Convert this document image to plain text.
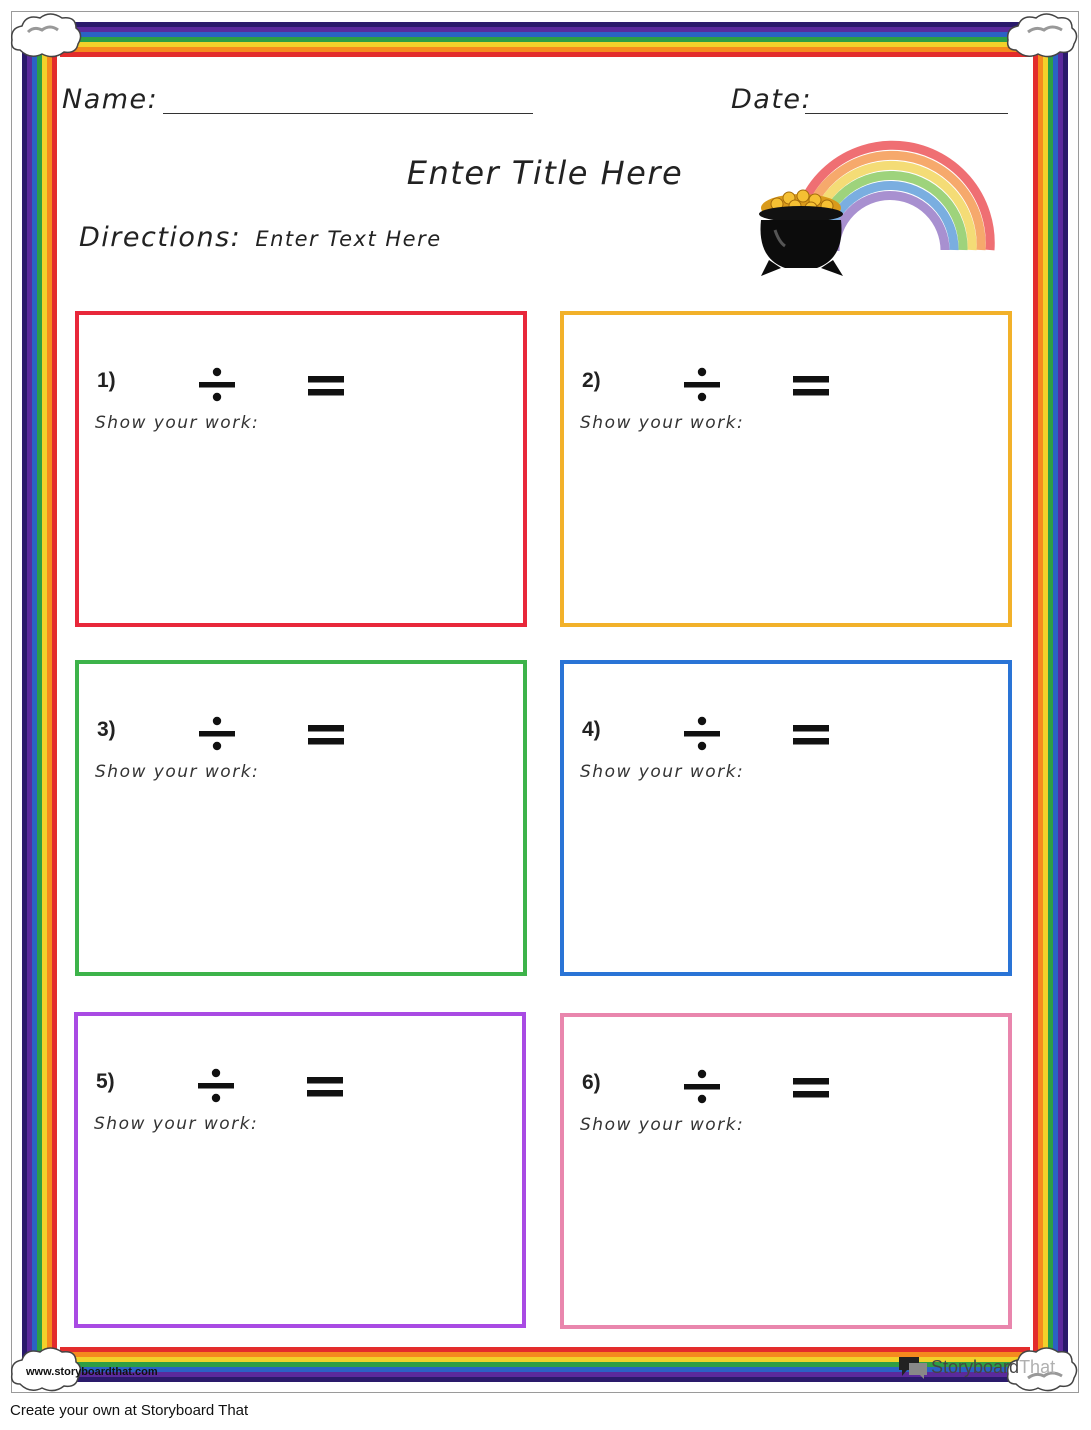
Name:	Date:
Enter Title Here
Directions: Enter Text Here
1)
Show your work:
2)
Show your work:
3)
Show your work:
4)
Show your work:
5)
Show your work:
6)
Show your work:
www.storyboardthat.com	StoryboardThat
Create your own at Storyboard That
